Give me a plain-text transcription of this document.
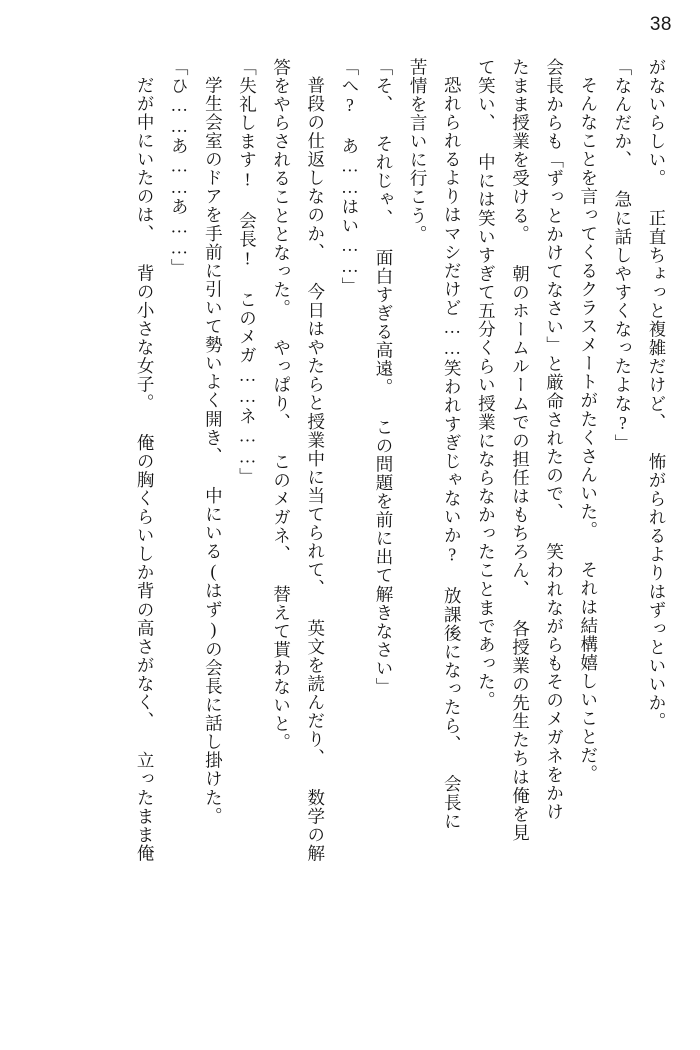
38

がないらしい。 正直ちょっと複雑だけど、 怖がられるよりはずっといいか。

「なんだか、 急に話しやすくなったよな?」

そんなことを言ってくるクラスメートがたくさんいた。 それは結構嬉しいことだ。

会長からも「ずっとかけてなさい」と厳命されたので、 笑われながらもそのメガネをかけ

たまま授業を受ける。 朝のホームルームでの担任はもちろん、 各授業の先生たちは俺を見

て笑い、 中には笑いすぎて五分くらい授業にならなかったことまであった。

恐れられるよりはマシだけど……笑われすぎじゃないか? 放課後になったら、 会長に

苦情を言いに行こう。

「そ、 それじゃ、 面白すぎる高遠。 この問題を前に出て解きなさい」

「へ? あ……はい……」

普段の仕返しなのか、 今日はやたらと授業中に当てられて、 英文を読んだり、 数学の解

答をやらされることとなった。 やっぱり、 このメガネ、 替えて貰わないと。

「失礼します! 会長! このメガ……ネ……」

学生会室のドアを手前に引いて勢いよく開き、 中にいる(はず)の会長に話し掛けた。

「ひ……あ……あ……」

だが中にいたのは、 背の小さな女子。 俺の胸くらいしか背の高さがなく、 立ったまま俺
